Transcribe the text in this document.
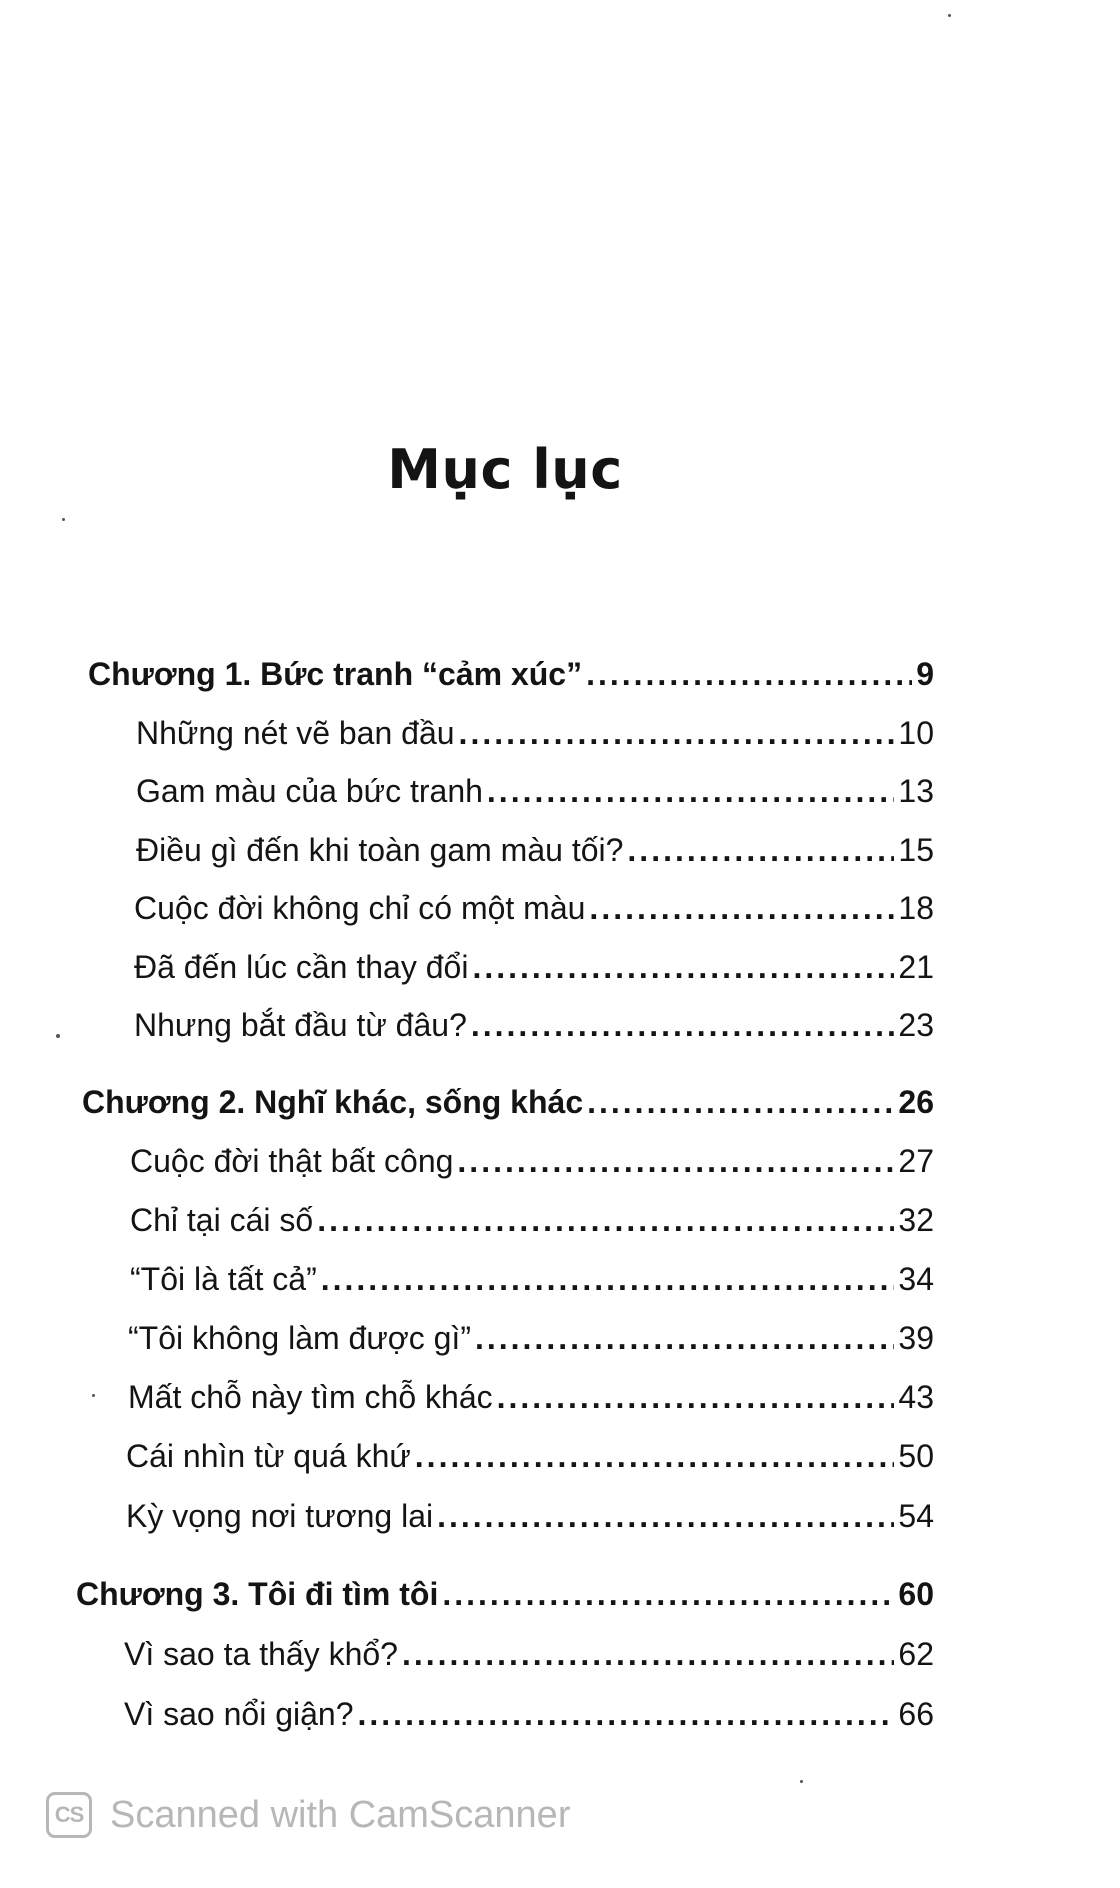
Mục lục
Chương 1. Bức tranh “cảm xúc” .....	9
Những nét vẽ ban đầu .....	10
Gam màu của bức tranh .....	13
Điều gì đến khi toàn gam màu tối? .....	15
Cuộc đời không chỉ có một màu .....	18
Đã đến lúc cần thay đổi .....	21
Nhưng bắt đầu từ đâu? .....	23
Chương 2. Nghĩ khác, sống khác .....	26
Cuộc đời thật bất công .....	27
Chỉ tại cái số .....	32
“Tôi là tất cả” .....	34
“Tôi không làm được gì” .....	39
Mất chỗ này tìm chỗ khác .....	43
Cái nhìn từ quá khứ .....	50
Kỳ vọng nơi tương lai .....	54
Chương 3. Tôi đi tìm tôi .....	60
Vì sao ta thấy khổ? .....	62
Vì sao nổi giận? .....	66
CS Scanned with CamScanner
